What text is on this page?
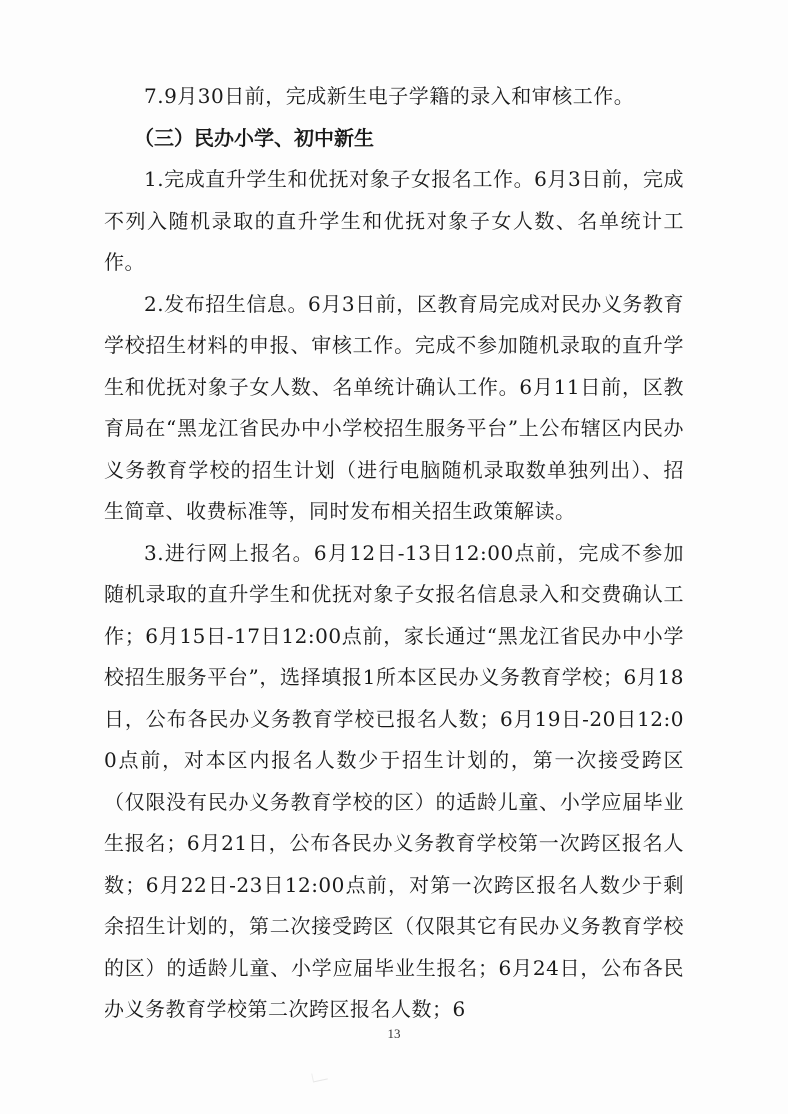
7.9月30日前，完成新生电子学籍的录入和审核工作。

（三）民办小学、初中新生

1.完成直升学生和优抚对象子女报名工作。6月3日前，完成不列入随机录取的直升学生和优抚对象子女人数、名单统计工作。

2.发布招生信息。6月3日前，区教育局完成对民办义务教育学校招生材料的申报、审核工作。完成不参加随机录取的直升学生和优抚对象子女人数、名单统计确认工作。6月11日前，区教育局在“黑龙江省民办中小学校招生服务平台”上公布辖区内民办义务教育学校的招生计划（进行电脑随机录取数单独列出）、招生简章、收费标准等，同时发布相关招生政策解读。

3.进行网上报名。6月12日-13日12:00点前，完成不参加随机录取的直升学生和优抚对象子女报名信息录入和交费确认工作；6月15日-17日12:00点前，家长通过“黑龙江省民办中小学校招生服务平台”，选择填报1所本区民办义务教育学校；6月18日，公布各民办义务教育学校已报名人数；6月19日-20日12:00点前，对本区内报名人数少于招生计划的，第一次接受跨区（仅限没有民办义务教育学校的区）的适龄儿童、小学应届毕业生报名；6月21日，公布各民办义务教育学校第一次跨区报名人数；6月22日-23日12:00点前，对第一次跨区报名人数少于剩余招生计划的，第二次接受跨区（仅限其它有民办义务教育学校的区）的适龄儿童、小学应届毕业生报名；6月24日，公布各民办义务教育学校第二次跨区报名人数；6

13
